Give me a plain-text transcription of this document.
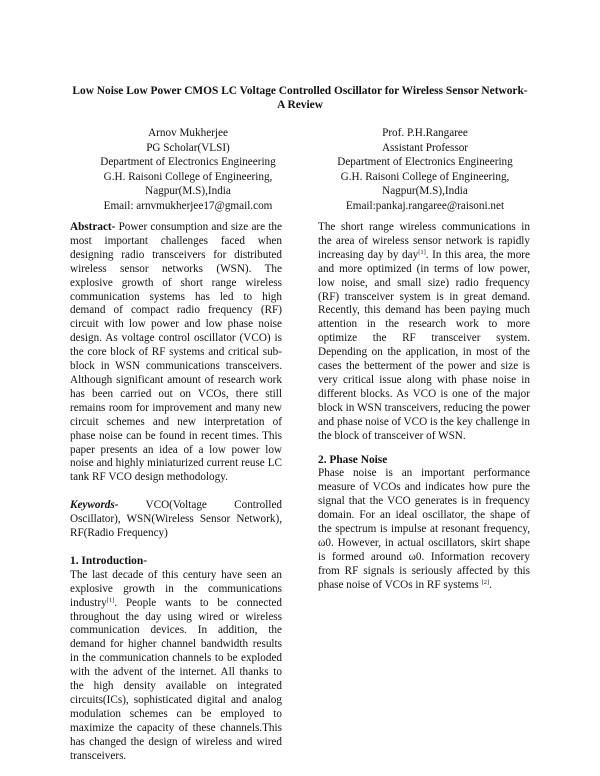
Low Noise Low Power CMOS LC Voltage Controlled Oscillator for Wireless Sensor Network- A Review
Arnov Mukherjee
PG Scholar(VLSI)
Department of Electronics Engineering
G.H. Raisoni College of Engineering,
Nagpur(M.S),India
Email: arnvmukherjee17@gmail.com
Prof. P.H.Rangaree
Assistant Professor
Department of Electronics Engineering
G.H. Raisoni College of Engineering,
Nagpur(M.S),India
Email:pankaj.rangaree@raisoni.net

Abstract- Power consumption and size are the most important challenges faced when designing radio transceivers for distributed wireless sensor networks (WSN). The explosive growth of short range wireless communication systems has led to high demand of compact radio frequency (RF) circuit with low power and low phase noise design. As voltage control oscillator (VCO) is the core block of RF systems and critical sub-block in WSN communications transceivers. Although significant amount of research work has been carried out on VCOs, there still remains room for improvement and many new circuit schemes and new interpretation of phase noise can be found in recent times. This paper presents an idea of a low power low noise and highly miniaturized current reuse LC tank RF VCO design methodology.

Keywords- VCO(Voltage Controlled Oscillator), WSN(Wireless Sensor Network), RF(Radio Frequency)

1. Introduction-

The last decade of this century have seen an explosive growth in the communications industry[1]. People wants to be connected throughout the day using wired or wireless communication devices. In addition, the demand for higher channel bandwidth results in the communication channels to be exploded with the advent of the internet. All thanks to the high density available on integrated circuits(ICs), sophisticated digital and analog modulation schemes can be employed to maximize the capacity of these channels.This has changed the design of wireless and wired transceivers.

The short range wireless communications in the area of wireless sensor network is rapidly increasing day by day[1]. In this area, the more and more optimized (in terms of low power, low noise, and small size) radio frequency (RF) transceiver system is in great demand. Recently, this demand has been paying much attention in the research work to more optimize the RF transceiver system. Depending on the application, in most of the cases the betterment of the power and size is very critical issue along with phase noise in different blocks. As VCO is one of the major block in WSN transceivers, reducing the power and phase noise of VCO is the key challenge in the block of transceiver of WSN.

2. Phase Noise

Phase noise is an important performance measure of VCOs and indicates how pure the signal that the VCO generates is in frequency domain. For an ideal oscillator, the shape of the spectrum is impulse at resonant frequency, ω0. However, in actual oscillators, skirt shape is formed around ω0. Information recovery from RF signals is seriously affected by this phase noise of VCOs in RF systems [2].
